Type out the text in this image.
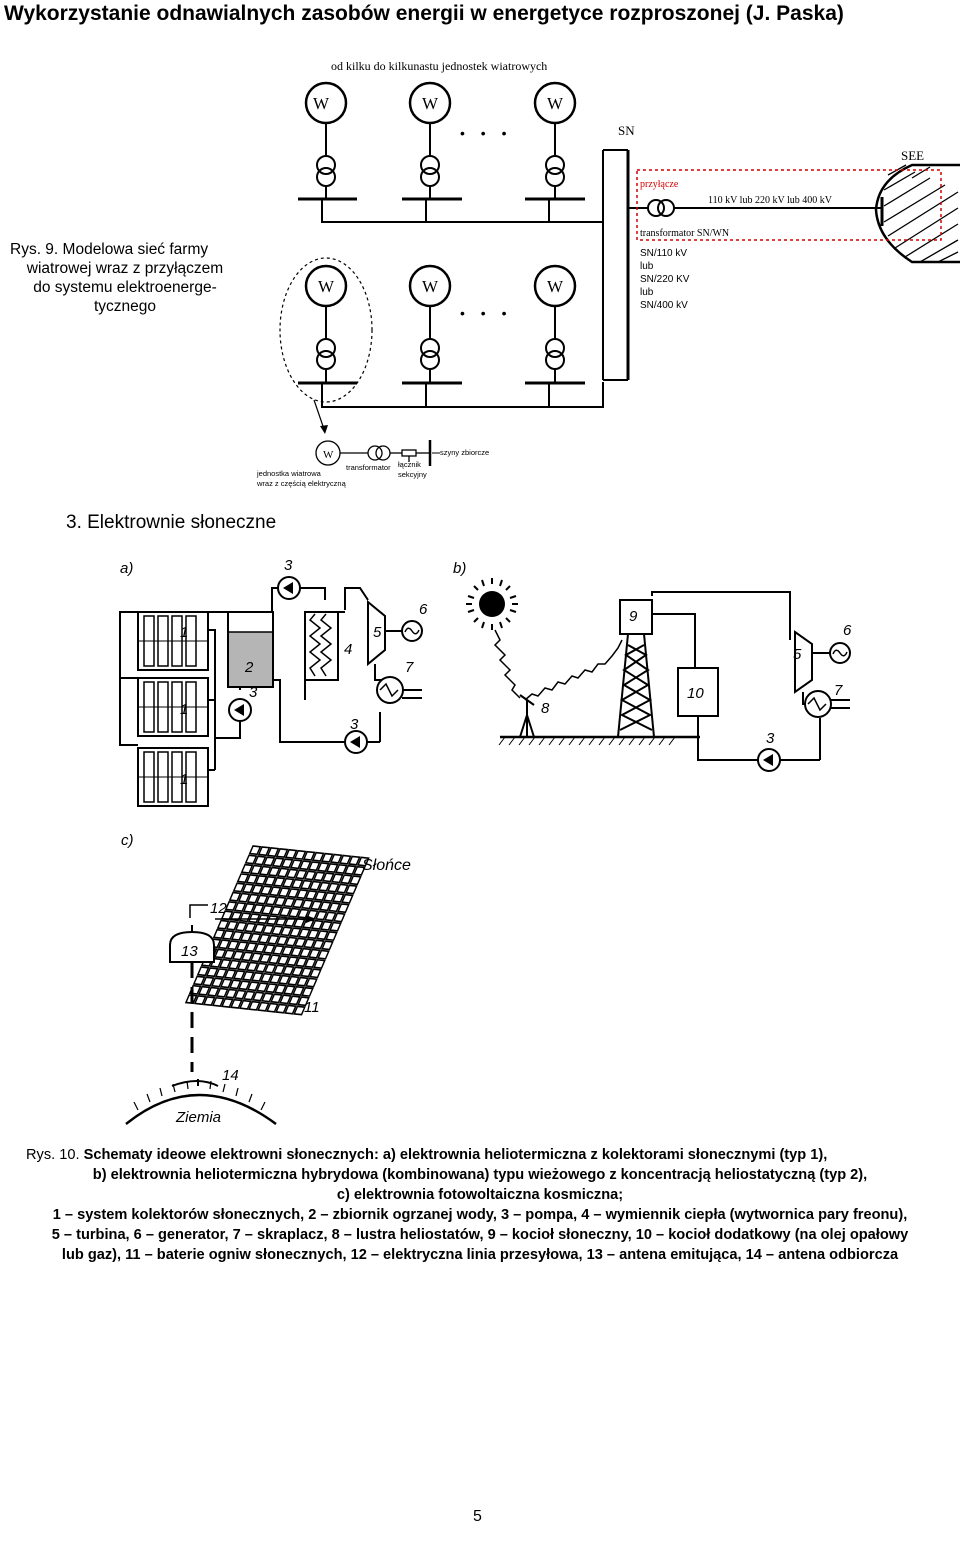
Wykorzystanie odnawialnych zasobów energii w energetyce rozproszonej (J. Paska)
Rys. 9. Modelowa sieć farmy
wiatrowej wraz z przyłączem
do systemu elektroenerge-
tycznego
od kilku do kilkunastu jednostek wiatrowych
W	W	W
W	W	W
• • •
• • •
SN
SEE
przyłącze
110 kV lub 220 kV lub 400 kV
transformator SN/WN
SN/110 kV
lub
SN/220 KV
lub
SN/400 kV
W
jednostka wiatrowa
wraz z częścią elektryczną
transformator łącznik
sekcyjny
szyny zbiorcze
3. Elektrownie słoneczne
a)
1
1
1
2
3
3
3
4
5
6
7
b)
3
5
6
7
8
9
10
c)
Słońce
Ziemia
11
12
13
14
Rys. 10. Schematy ideowe elektrowni słonecznych: a) elektrownia heliotermiczna z kolektorami słonecznymi (typ 1),
b) elektrownia heliotermiczna hybrydowa (kombinowana) typu wieżowego z koncentracją heliostatyczną (typ 2),
c) elektrownia fotowoltaiczna kosmiczna;
1 – system kolektorów słonecznych, 2 – zbiornik ogrzanej wody, 3 – pompa, 4 – wymiennik ciepła (wytwornica pary freonu),
5 – turbina, 6 – generator, 7 – skraplacz, 8 – lustra heliostatów, 9 – kocioł słoneczny, 10 – kocioł dodatkowy (na olej opałowy
lub gaz), 11 – baterie ogniw słonecznych, 12 – elektryczna linia przesyłowa, 13 – antena emitująca, 14 – antena odbiorcza
5
